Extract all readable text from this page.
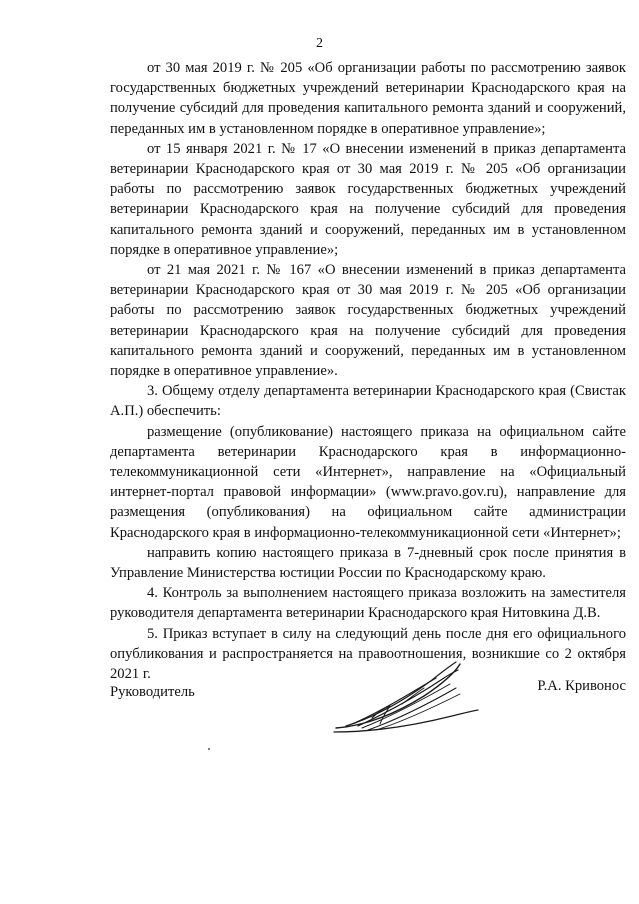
2

от 30 мая 2019 г. № 205 «Об организации работы по рассмотрению заявок государственных бюджетных учреждений ветеринарии Краснодарского края на получение субсидий для проведения капитального ремонта зданий и сооружений, переданных им в установленном порядке в оперативное управление»;

от 15 января 2021 г. № 17 «О внесении изменений в приказ департамента ветеринарии Краснодарского края от 30 мая 2019 г. № 205 «Об организации работы по рассмотрению заявок государственных бюджетных учреждений ветеринарии Краснодарского края на получение субсидий для проведения капитального ремонта зданий и сооружений, переданных им в установленном порядке в оперативное управление»;

от 21 мая 2021 г. № 167 «О внесении изменений в приказ департамента ветеринарии Краснодарского края от 30 мая 2019 г. № 205 «Об организации работы по рассмотрению заявок государственных бюджетных учреждений ветеринарии Краснодарского края на получение субсидий для проведения капитального ремонта зданий и сооружений, переданных им в установленном порядке в оперативное управление».

3. Общему отделу департамента ветеринарии Краснодарского края (Свистак А.П.) обеспечить:

размещение (опубликование) настоящего приказа на официальном сайте департамента ветеринарии Краснодарского края в информационно-телекоммуникационной сети «Интернет», направление на «Официальный интернет-портал правовой информации» (www.pravo.gov.ru), направление для размещения (опубликования) на официальном сайте администрации Краснодарского края в информационно-телекоммуникационной сети «Интернет»;

направить копию настоящего приказа в 7-дневный срок после принятия в Управление Министерства юстиции России по Краснодарскому краю.

4. Контроль за выполнением настоящего приказа возложить на заместителя руководителя департамента ветеринарии Краснодарского края Нитовкина Д.В.

5. Приказ вступает в силу на следующий день после дня его официального опубликования и распространяется на правоотношения, возникшие со 2 октября 2021 г.

Руководитель	Р.А. Кривонос
